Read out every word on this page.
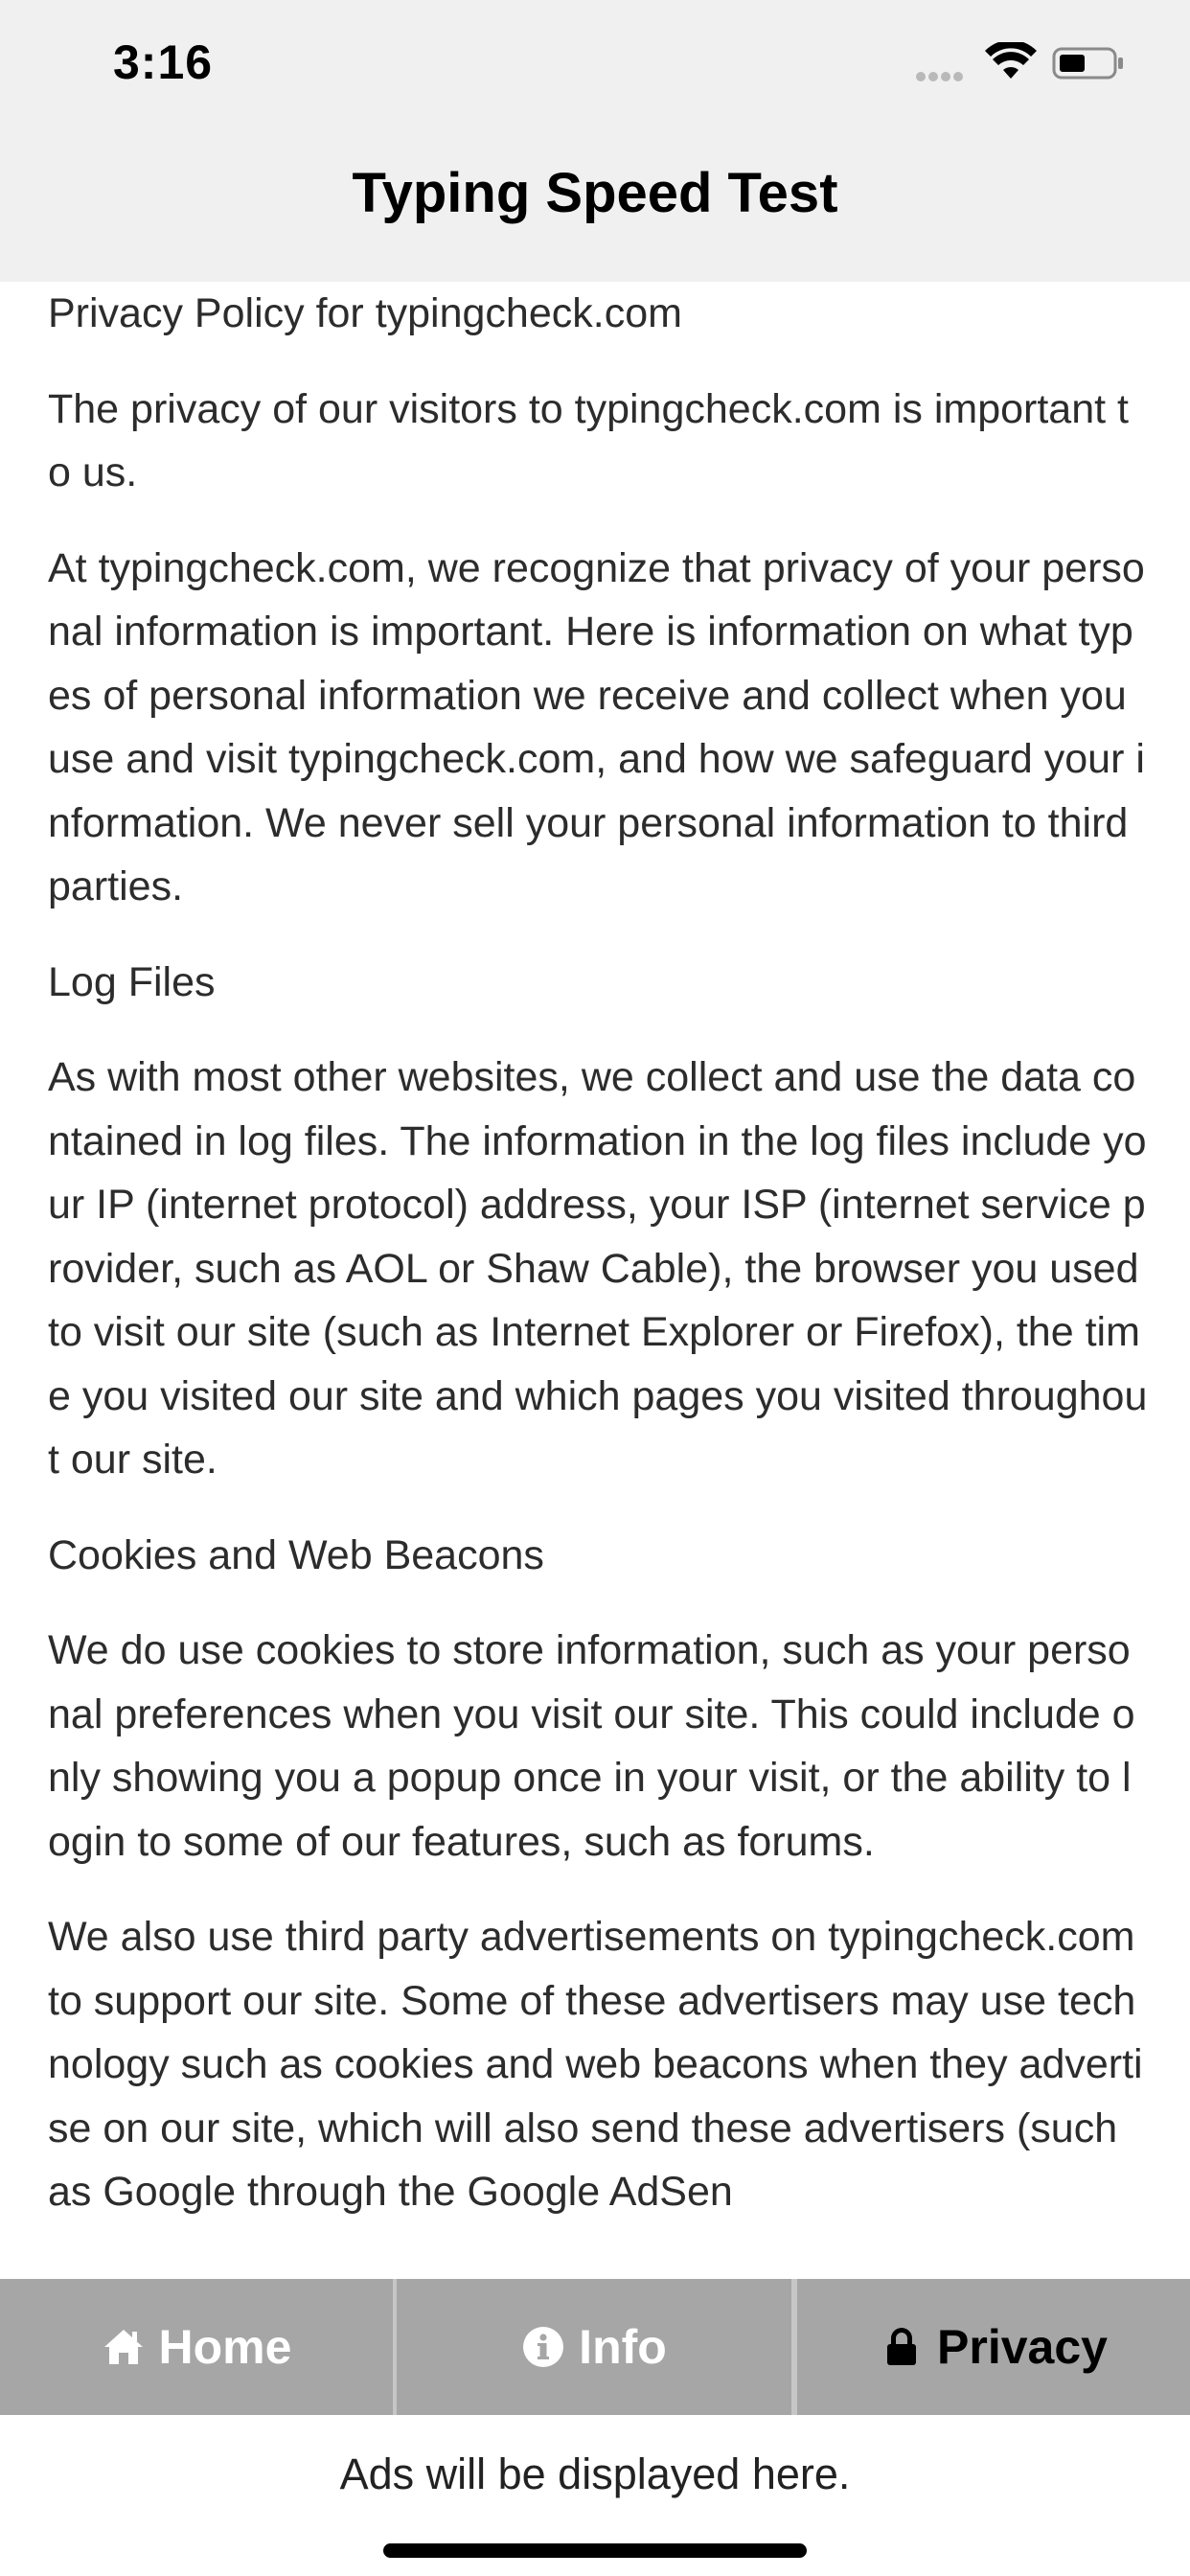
3:16
Typing Speed Test

Privacy Policy for typingcheck.com

The privacy of our visitors to typingcheck.com is important to us.

At typingcheck.com, we recognize that privacy of your personal information is important. Here is information on what types of personal information we receive and collect when you use and visit typingcheck.com, and how we safeguard your information. We never sell your personal information to third parties.

Log Files

As with most other websites, we collect and use the data contained in log files. The information in the log files include your IP (internet protocol) address, your ISP (internet service provider, such as AOL or Shaw Cable), the browser you used to visit our site (such as Internet Explorer or Firefox), the time you visited our site and which pages you visited throughout our site.

Cookies and Web Beacons

We do use cookies to store information, such as your personal preferences when you visit our site. This could include only showing you a popup once in your visit, or the ability to login to some of our features, such as forums.

We also use third party advertisements on typingcheck.com to support our site. Some of these advertisers may use technology such as cookies and web beacons when they advertise on our site, which will also send these advertisers (such as Google through the Google AdSen

Home	Info	Privacy
Ads will be displayed here.
